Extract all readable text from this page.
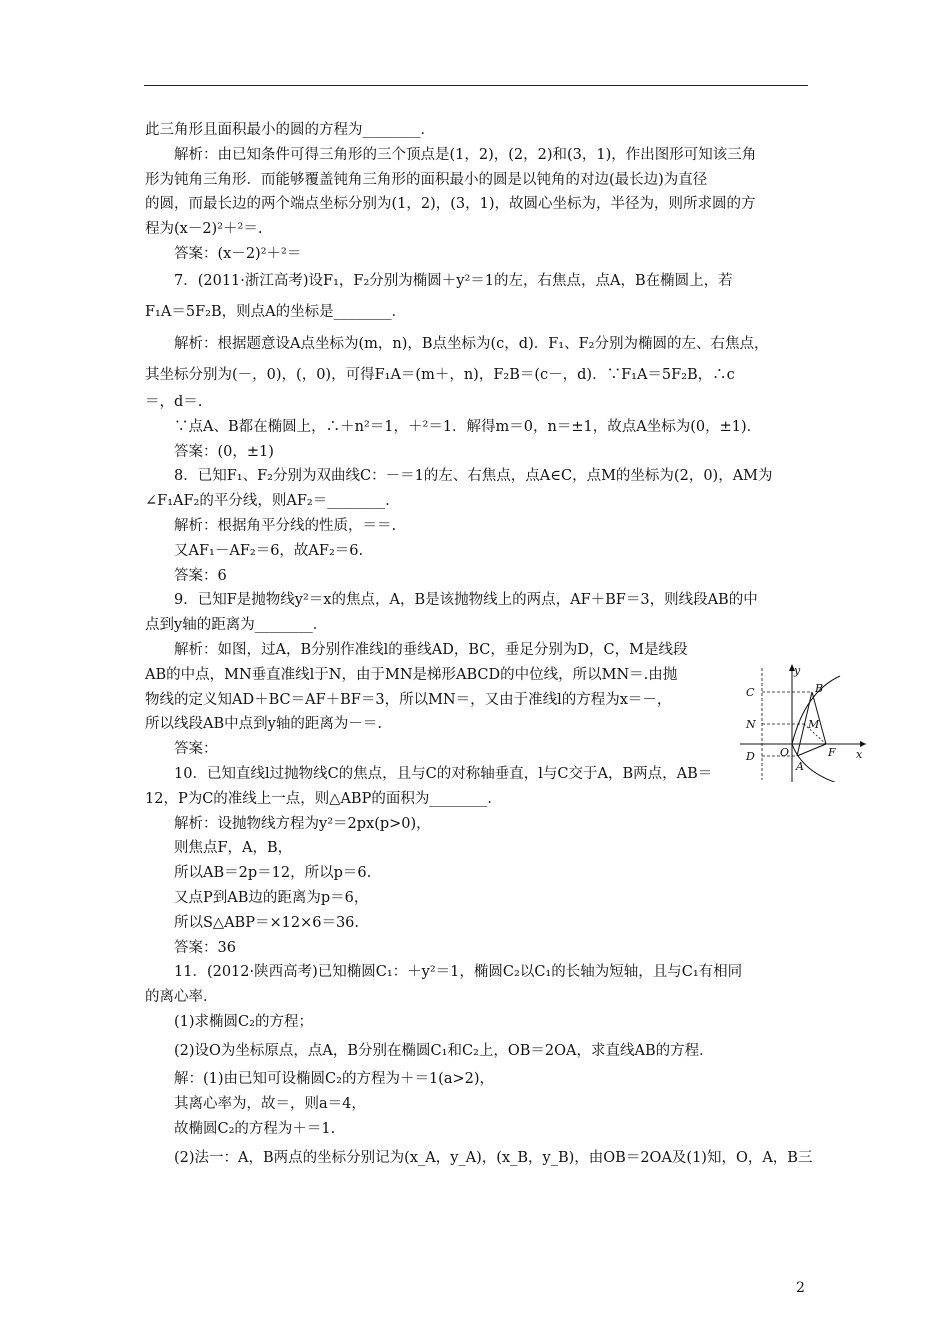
此三角形且面积最小的圆的方程为________．
解析：由已知条件可得三角形的三个顶点是(1，2)，(2，2)和(3，1)，作出图形可知该三角
形为钝角三角形．而能够覆盖钝角三角形的面积最小的圆是以钝角的对边(最长边)为直径
的圆，而最长边的两个端点坐标分别为(1，2)，(3，1)，故圆心坐标为，半径为，则所求圆的方
程为(x－2)²＋²＝.
答案：(x－2)²＋²＝
7．(2011·浙江高考)设F₁，F₂分别为椭圆＋y²＝1的左，右焦点，点A，B在椭圆上，若
F₁A＝5F₂B，则点A的坐标是________．
解析：根据题意设A点坐标为(m，n)，B点坐标为(c，d)．F₁、F₂分别为椭圆的左、右焦点，
其坐标分别为(－，0)，(，0)，可得F₁A＝(m＋，n)，F₂B＝(c－，d)．∵F₁A＝5F₂B，∴c
＝，d＝.
∵点A、B都在椭圆上，∴＋n²＝1，＋²＝1．解得m＝0，n＝±1，故点A坐标为(0，±1)．
答案：(0，±1)
8．已知F₁、F₂分别为双曲线C：－＝1的左、右焦点，点A∈C，点M的坐标为(2，0)，AM为
∠F₁AF₂的平分线，则AF₂＝________．
解析：根据角平分线的性质，＝＝.
又AF₁－AF₂＝6，故AF₂＝6.
答案：6
9．已知F是抛物线y²＝x的焦点，A，B是该抛物线上的两点，AF＋BF＝3，则线段AB的中
点到y轴的距离为________．
解析：如图，过A，B分别作准线l的垂线AD，BC，垂足分别为D，C，M是线段
AB的中点，MN垂直准线l于N，由于MN是梯形ABCD的中位线，所以MN＝.由抛
物线的定义知AD＋BC＝AF＋BF＝3，所以MN＝，又由于准线l的方程为x＝－，
所以线段AB中点到y轴的距离为－＝.
答案：
10．已知直线l过抛物线C的焦点，且与C的对称轴垂直，l与C交于A，B两点，AB＝
12，P为C的准线上一点，则△ABP的面积为________．
解析：设抛物线方程为y²＝2px(p>0)，
则焦点F，A，B，
所以AB＝2p＝12，所以p＝6.
又点P到AB边的距离为p＝6，
所以S△ABP＝×12×6＝36.
答案：36
11．(2012·陕西高考)已知椭圆C₁：＋y²＝1，椭圆C₂以C₁的长轴为短轴，且与C₁有相同
的离心率．
(1)求椭圆C₂的方程；
(2)设O为坐标原点，点A，B分别在椭圆C₁和C₂上，OB＝2OA，求直线AB的方程．
解：(1)由已知可设椭圆C₂的方程为＋＝1(a>2)，
其离心率为，故＝，则a＝4，
故椭圆C₂的方程为＋＝1.
(2)法一：A，B两点的坐标分别记为(x_A，y_A)，(x_B，y_B)，由OB＝2OA及(1)知，O，A，B三
y
x
C	B
N	M
O	F
D
A
2
